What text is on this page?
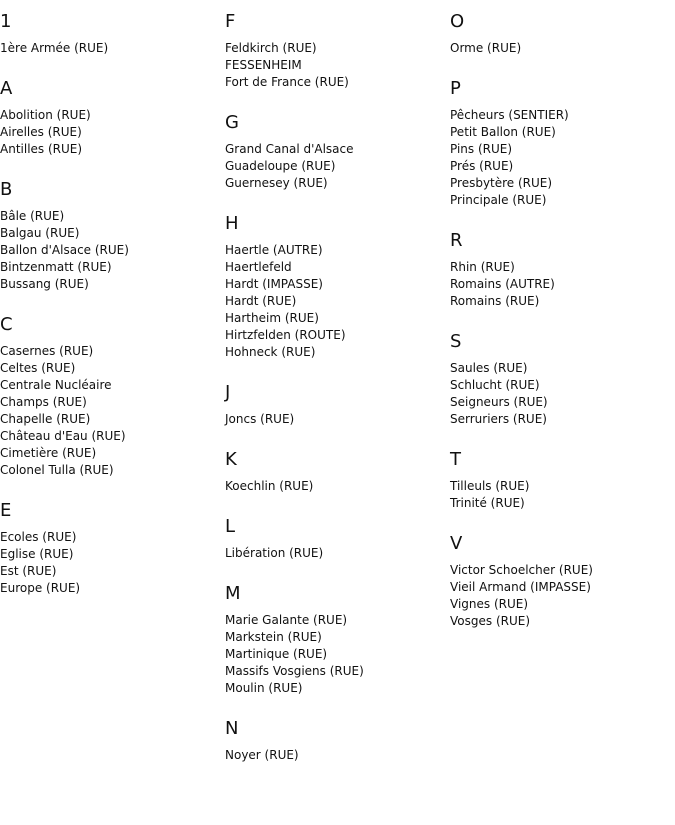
1
1ère Armée (RUE)
A
Abolition (RUE)
Airelles (RUE)
Antilles (RUE)
B
Bâle (RUE)
Balgau (RUE)
Ballon d'Alsace (RUE)
Bintzenmatt (RUE)
Bussang (RUE)
C
Casernes (RUE)
Celtes (RUE)
Centrale Nucléaire
Champs (RUE)
Chapelle (RUE)
Château d'Eau (RUE)
Cimetière (RUE)
Colonel Tulla (RUE)
E
Ecoles (RUE)
Eglise (RUE)
Est (RUE)
Europe (RUE)
F
Feldkirch (RUE)
FESSENHEIM
Fort de France (RUE)
G
Grand Canal d'Alsace
Guadeloupe (RUE)
Guernesey (RUE)
H
Haertle (AUTRE)
Haertlefeld
Hardt (IMPASSE)
Hardt (RUE)
Hartheim (RUE)
Hirtzfelden (ROUTE)
Hohneck (RUE)
J
Joncs (RUE)
K
Koechlin (RUE)
L
Libération (RUE)
M
Marie Galante (RUE)
Markstein (RUE)
Martinique (RUE)
Massifs Vosgiens (RUE)
Moulin (RUE)
N
Noyer (RUE)
O
Orme (RUE)
P
Pêcheurs (SENTIER)
Petit Ballon (RUE)
Pins (RUE)
Prés (RUE)
Presbytère (RUE)
Principale (RUE)
R
Rhin (RUE)
Romains (AUTRE)
Romains (RUE)
S
Saules (RUE)
Schlucht (RUE)
Seigneurs (RUE)
Serruriers (RUE)
T
Tilleuls (RUE)
Trinité (RUE)
V
Victor Schoelcher (RUE)
Vieil Armand (IMPASSE)
Vignes (RUE)
Vosges (RUE)
